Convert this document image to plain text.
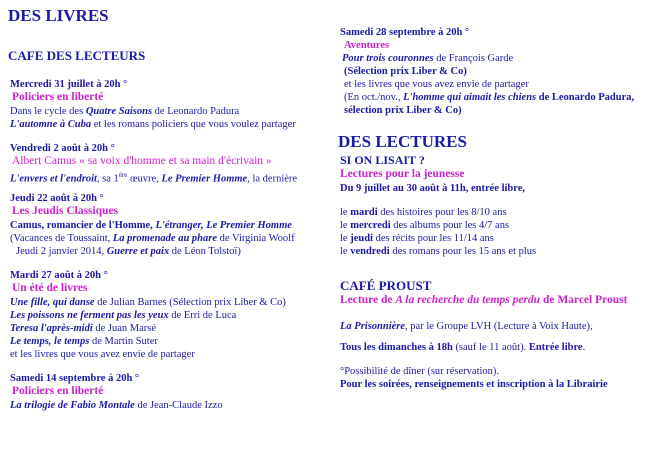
DES LIVRES
CAFE DES LECTEURS
Mercredi 31 juillet à 20h °
Policiers en liberté
Dans le cycle des Quatre Saisons de Leonardo Padura
L'automne à Cuba et les romans policiers que vous voulez partager
Vendredi 2 août à 20h °
Albert Camus « sa voix d'homme et sa main d'écrivain »
L'envers et l'endroit, sa 1ère œuvre, Le Premier Homme, la dernière
Jeudi 22 août à 20h °
Les Jeudis Classiques
Camus, romancier de l'Homme, L'étranger, Le Premier Homme
(Vacances de Toussaint, La promenade au phare de Virginia Woolf
Jeudi 2 janvier 2014, Guerre et paix de Léon Tolstoï)
Mardi 27 août à 20h °
Un été de livres
Une fille, qui danse de Julian Barnes (Sélection prix Liber & Co)
Les poissons ne ferment pas les yeux de Erri de Luca
Teresa l'après-midi de Juan Marsé
Le temps, le temps de Martin Suter
et les livres que vous avez envie de partager
Samedi 14 septembre à 20h °
Policiers en liberté
La trilogie de Fabio Montale de Jean-Claude Izzo
Samedi 28 septembre à 20h °
Aventures
Pour trois couronnes de François Garde
(Sélection prix Liber & Co)
et les livres que vous avez envie de partager
(En oct./nov., L'homme qui aimait les chiens de Leonardo Padura,
sélection prix Liber & Co)
DES LECTURES
SI ON LISAIT ?
Lectures pour la jeunesse
Du 9 juillet au 30 août à 11h, entrée libre,
le mardi des histoires pour les 8/10 ans
le mercredi des albums pour les 4/7 ans
le jeudi des récits pour les 11/14 ans
le vendredi des romans pour les 15 ans et plus
CAFÉ PROUST
Lecture de A la recherche du temps perdu de Marcel Proust
La Prisonnière, par le Groupe LVH (Lecture à Voix Haute),
Tous les dimanches à 18h (sauf le 11 août). Entrée libre.
°Possibilité de dîner (sur réservation).
Pour les soirées, renseignements et inscription à la Librairie
